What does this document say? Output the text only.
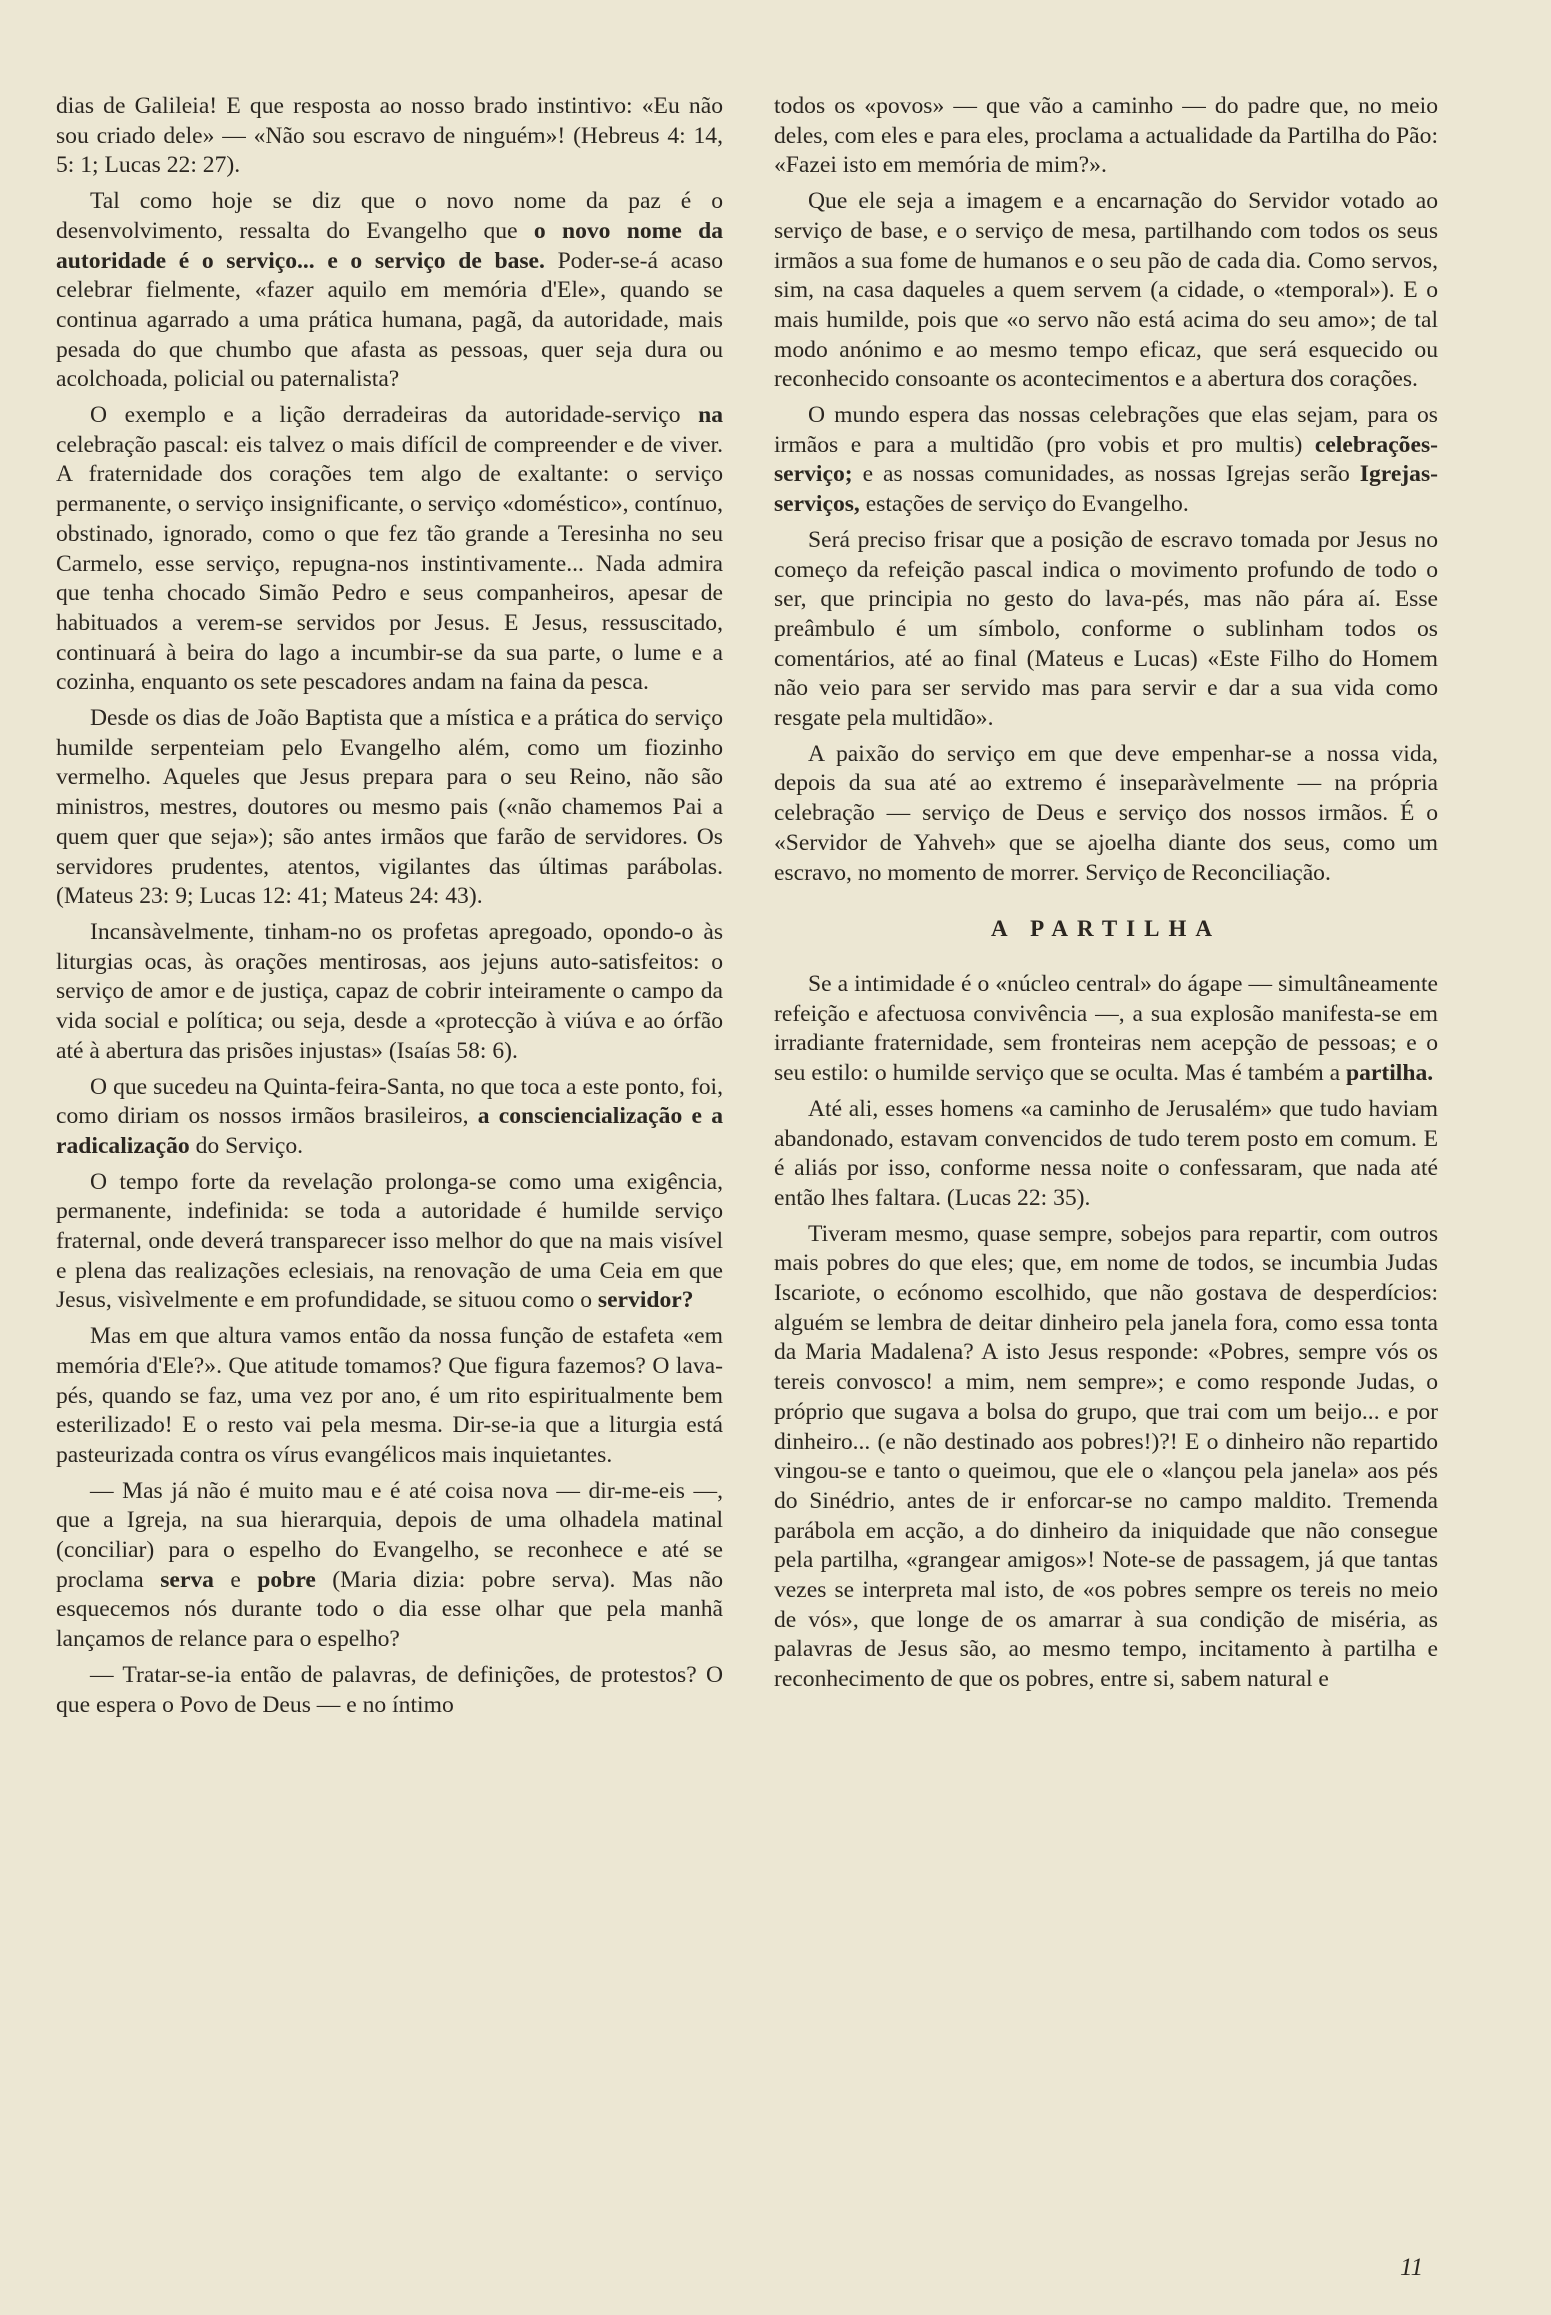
dias de Galileia! E que resposta ao nosso brado instintivo: «Eu não sou criado dele» — «Não sou escravo de ninguém»! (Hebreus 4: 14, 5: 1; Lucas 22: 27).

Tal como hoje se diz que o novo nome da paz é o desenvolvimento, ressalta do Evangelho que o novo nome da autoridade é o serviço... e o serviço de base. Poder-se-á acaso celebrar fielmente, «fazer aquilo em memória d'Ele», quando se continua agarrado a uma prática humana, pagã, da autoridade, mais pesada do que chumbo que afasta as pessoas, quer seja dura ou acolchoada, policial ou paternalista?

O exemplo e a lição derradeiras da autoridade-serviço na celebração pascal: eis talvez o mais difícil de compreender e de viver. A fraternidade dos corações tem algo de exaltante: o serviço permanente, o serviço insignificante, o serviço «doméstico», contínuo, obstinado, ignorado, como o que fez tão grande a Teresinha no seu Carmelo, esse serviço, repugna-nos instintivamente... Nada admira que tenha chocado Simão Pedro e seus companheiros, apesar de habituados a verem-se servidos por Jesus. E Jesus, ressuscitado, continuará à beira do lago a incumbir-se da sua parte, o lume e a cozinha, enquanto os sete pescadores andam na faina da pesca.

Desde os dias de João Baptista que a mística e a prática do serviço humilde serpenteiam pelo Evangelho além, como um fiozinho vermelho. Aqueles que Jesus prepara para o seu Reino, não são ministros, mestres, doutores ou mesmo pais («não chamemos Pai a quem quer que seja»); são antes irmãos que farão de servidores. Os servidores prudentes, atentos, vigilantes das últimas parábolas. (Mateus 23: 9; Lucas 12: 41; Mateus 24: 43).

Incansàvelmente, tinham-no os profetas apregoado, opondo-o às liturgias ocas, às orações mentirosas, aos jejuns auto-satisfeitos: o serviço de amor e de justiça, capaz de cobrir inteiramente o campo da vida social e política; ou seja, desde a «protecção à viúva e ao órfão até à abertura das prisões injustas» (Isaías 58: 6).

O que sucedeu na Quinta-feira-Santa, no que toca a este ponto, foi, como diriam os nossos irmãos brasileiros, a consciencialização e a radicalização do Serviço.

O tempo forte da revelação prolonga-se como uma exigência, permanente, indefinida: se toda a autoridade é humilde serviço fraternal, onde deverá transparecer isso melhor do que na mais visível e plena das realizações eclesiais, na renovação de uma Ceia em que Jesus, visìvelmente e em profundidade, se situou como o servidor?

Mas em que altura vamos então da nossa função de estafeta «em memória d'Ele?». Que atitude tomamos? Que figura fazemos? O lava-pés, quando se faz, uma vez por ano, é um rito espiritualmente bem esterilizado! E o resto vai pela mesma. Dir-se-ia que a liturgia está pasteurizada contra os vírus evangélicos mais inquietantes.

— Mas já não é muito mau e é até coisa nova — dir-me-eis —, que a Igreja, na sua hierarquia, depois de uma olhadela matinal (conciliar) para o espelho do Evangelho, se reconhece e até se proclama serva e pobre (Maria dizia: pobre serva). Mas não esquecemos nós durante todo o dia esse olhar que pela manhã lançamos de relance para o espelho?

— Tratar-se-ia então de palavras, de definições, de protestos? O que espera o Povo de Deus — e no íntimo

todos os «povos» — que vão a caminho — do padre que, no meio deles, com eles e para eles, proclama a actualidade da Partilha do Pão: «Fazei isto em memória de mim?».

Que ele seja a imagem e a encarnação do Servidor votado ao serviço de base, e o serviço de mesa, partilhando com todos os seus irmãos a sua fome de humanos e o seu pão de cada dia. Como servos, sim, na casa daqueles a quem servem (a cidade, o «temporal»). E o mais humilde, pois que «o servo não está acima do seu amo»; de tal modo anónimo e ao mesmo tempo eficaz, que será esquecido ou reconhecido consoante os acontecimentos e a abertura dos corações.

O mundo espera das nossas celebrações que elas sejam, para os irmãos e para a multidão (pro vobis et pro multis) celebrações-serviço; e as nossas comunidades, as nossas Igrejas serão Igrejas-serviços, estações de serviço do Evangelho.

Será preciso frisar que a posição de escravo tomada por Jesus no começo da refeição pascal indica o movimento profundo de todo o ser, que principia no gesto do lava-pés, mas não pára aí. Esse preâmbulo é um símbolo, conforme o sublinham todos os comentários, até ao final (Mateus e Lucas) «Este Filho do Homem não veio para ser servido mas para servir e dar a sua vida como resgate pela multidão».

A paixão do serviço em que deve empenhar-se a nossa vida, depois da sua até ao extremo é inseparàvelmente — na própria celebração — serviço de Deus e serviço dos nossos irmãos. É o «Servidor de Yahveh» que se ajoelha diante dos seus, como um escravo, no momento de morrer. Serviço de Reconciliação.

A PARTILHA

Se a intimidade é o «núcleo central» do ágape — simultâneamente refeição e afectuosa convivência —, a sua explosão manifesta-se em irradiante fraternidade, sem fronteiras nem acepção de pessoas; e o seu estilo: o humilde serviço que se oculta. Mas é também a partilha.

Até ali, esses homens «a caminho de Jerusalém» que tudo haviam abandonado, estavam convencidos de tudo terem posto em comum. E é aliás por isso, conforme nessa noite o confessaram, que nada até então lhes faltara. (Lucas 22: 35).

Tiveram mesmo, quase sempre, sobejos para repartir, com outros mais pobres do que eles; que, em nome de todos, se incumbia Judas Iscariote, o ecónomo escolhido, que não gostava de desperdícios: alguém se lembra de deitar dinheiro pela janela fora, como essa tonta da Maria Madalena? A isto Jesus responde: «Pobres, sempre vós os tereis convosco! a mim, nem sempre»; e como responde Judas, o próprio que sugava a bolsa do grupo, que trai com um beijo... e por dinheiro... (e não destinado aos pobres!)?! E o dinheiro não repartido vingou-se e tanto o queimou, que ele o «lançou pela janela» aos pés do Sinédrio, antes de ir enforcar-se no campo maldito. Tremenda parábola em acção, a do dinheiro da iniquidade que não consegue pela partilha, «grangear amigos»! Note-se de passagem, já que tantas vezes se interpreta mal isto, de «os pobres sempre os tereis no meio de vós», que longe de os amarrar à sua condição de miséria, as palavras de Jesus são, ao mesmo tempo, incitamento à partilha e reconhecimento de que os pobres, entre si, sabem natural e

11
